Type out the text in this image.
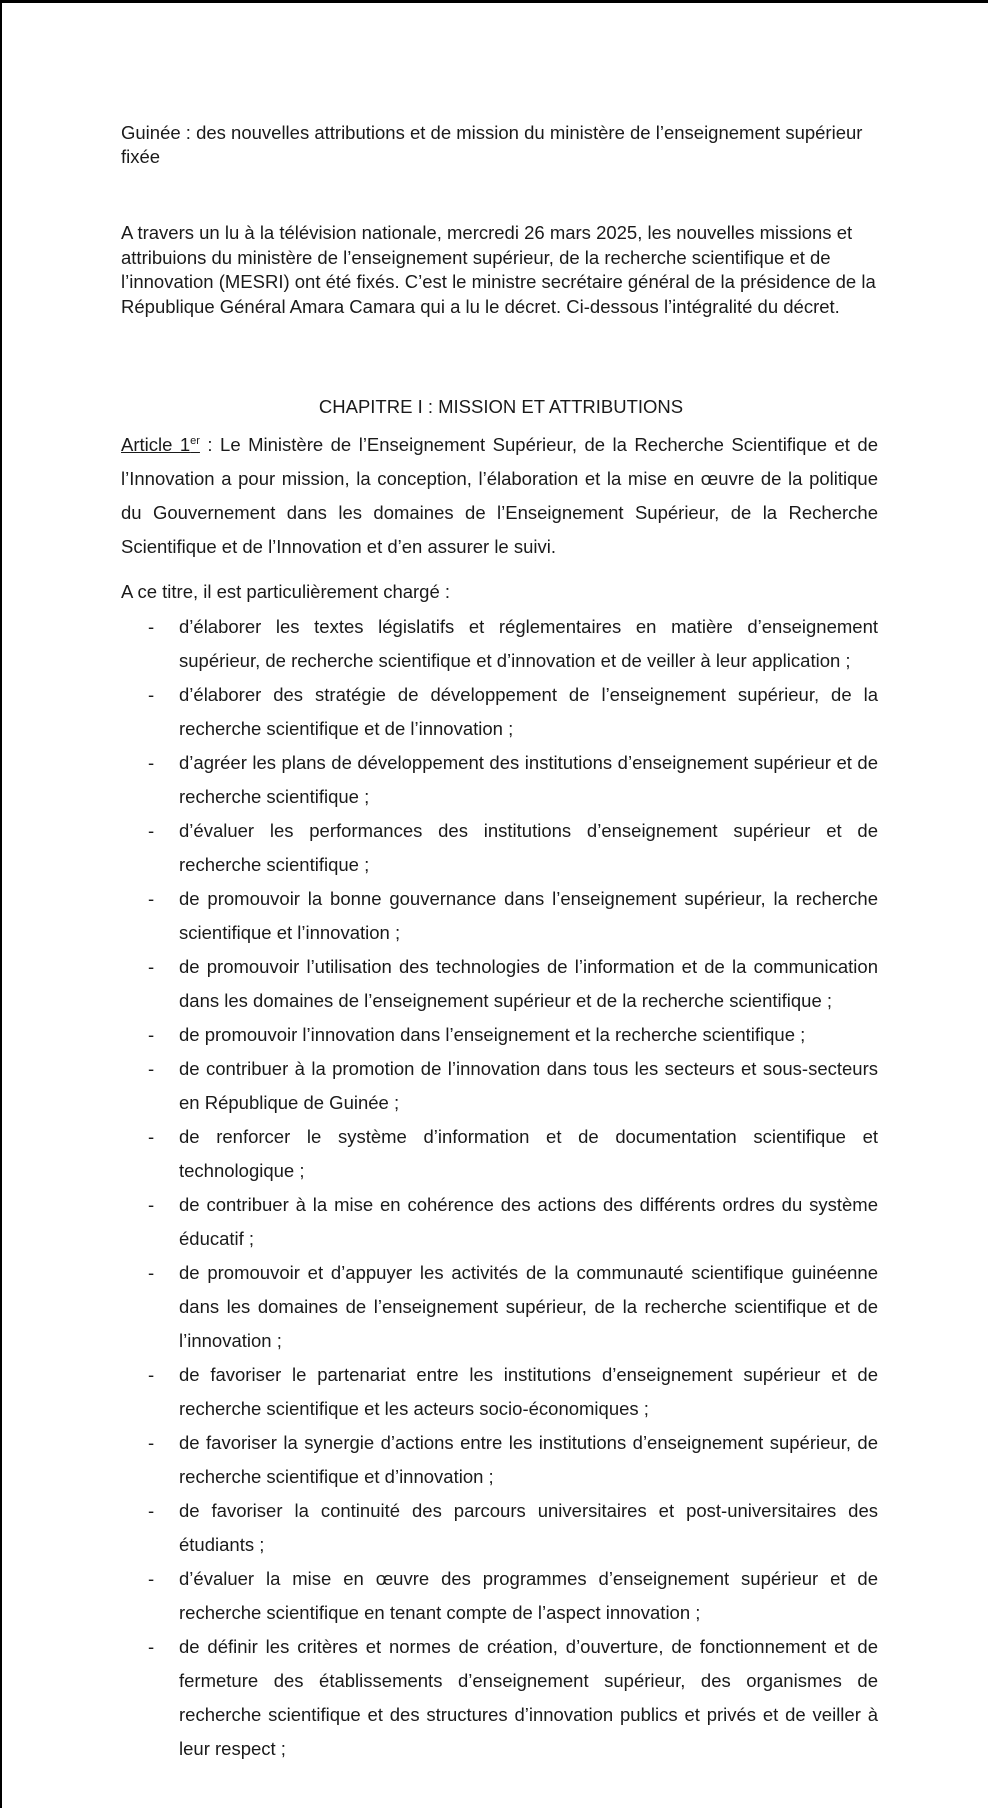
Guinée : des nouvelles attributions et de mission du ministère de l’enseignement supérieur fixée
A travers un lu à la télévision nationale, mercredi 26 mars 2025, les nouvelles missions et attribuions du ministère de l’enseignement supérieur, de la recherche scientifique et de l’innovation (MESRI) ont été fixés. C’est le ministre secrétaire général de la présidence de la République Général Amara Camara qui a lu le décret. Ci-dessous l’intégralité du décret.
CHAPITRE I : MISSION ET ATTRIBUTIONS
Article 1er : Le Ministère de l’Enseignement Supérieur, de la Recherche Scientifique et de l’Innovation a pour mission, la conception, l’élaboration et la mise en œuvre de la politique du Gouvernement dans les domaines de l’Enseignement Supérieur, de la Recherche Scientifique et de l’Innovation et d’en assurer le suivi.
A ce titre, il est particulièrement chargé :
- d’élaborer les textes législatifs et réglementaires en matière d’enseignement supérieur, de recherche scientifique et d’innovation et de veiller à leur application ;
- d’élaborer des stratégie de développement de l’enseignement supérieur, de la recherche scientifique et de l’innovation ;
- d’agréer les plans de développement des institutions d’enseignement supérieur et de recherche scientifique ;
- d’évaluer les performances des institutions d’enseignement supérieur et de recherche scientifique ;
- de promouvoir la bonne gouvernance dans l’enseignement supérieur, la recherche scientifique et l’innovation ;
- de promouvoir l’utilisation des technologies de l’information et de la communication dans les domaines de l’enseignement supérieur et de la recherche scientifique ;
- de promouvoir l’innovation dans l’enseignement et la recherche scientifique ;
- de contribuer à la promotion de l’innovation dans tous les secteurs et sous-secteurs en République de Guinée ;
- de renforcer le système d’information et de documentation scientifique et technologique ;
- de contribuer à la mise en cohérence des actions des différents ordres du système éducatif ;
- de promouvoir et d’appuyer les activités de la communauté scientifique guinéenne dans les domaines de l’enseignement supérieur, de la recherche scientifique et de l’innovation ;
- de favoriser le partenariat entre les institutions d’enseignement supérieur et de recherche scientifique et les acteurs socio-économiques ;
- de favoriser la synergie d’actions entre les institutions d’enseignement supérieur, de recherche scientifique et d’innovation ;
- de favoriser la continuité des parcours universitaires et post-universitaires des étudiants ;
- d’évaluer la mise en œuvre des programmes d’enseignement supérieur et de recherche scientifique en tenant compte de l’aspect innovation ;
- de définir les critères et normes de création, d’ouverture, de fonctionnement et de fermeture des établissements d’enseignement supérieur, des organismes de recherche scientifique et des structures d’innovation publics et privés et de veiller à leur respect ;
